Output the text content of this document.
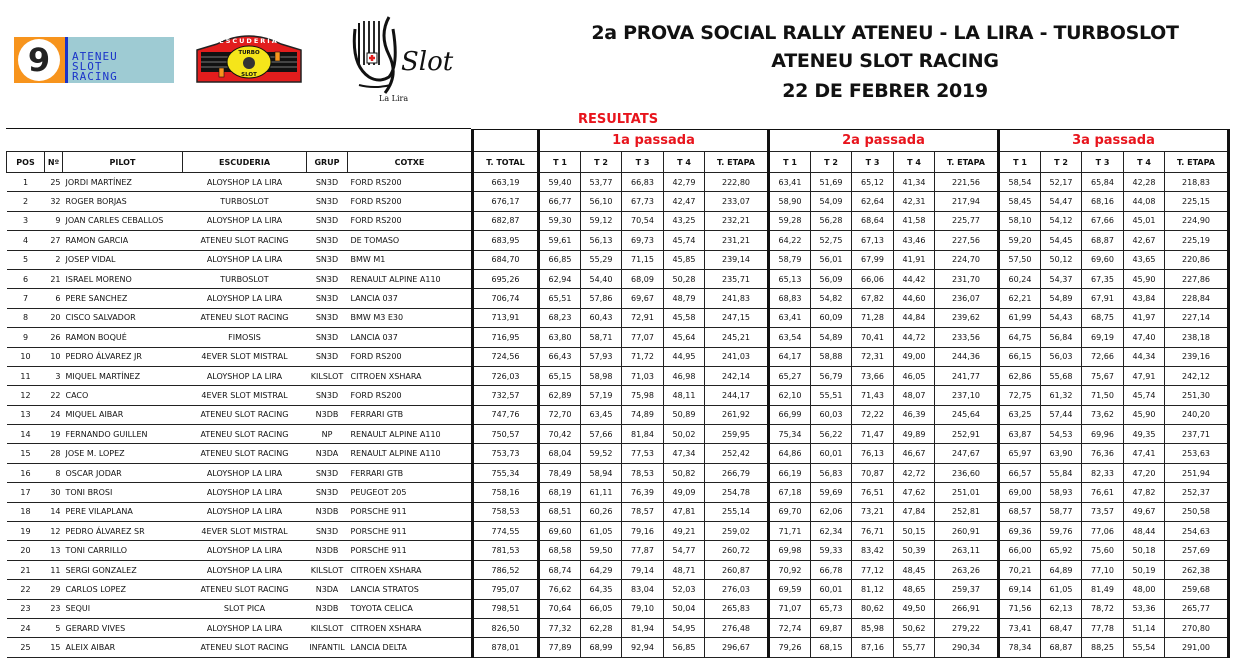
9	ATENEU
SLOT
RACING
ESCUDERIA
TURBO
SLOT	Slot
La Lira
2a PROVA SOCIAL RALLY ATENEU - LA LIRA - TURBOSLOT
ATENEU SLOT RACING
22 DE FEBRER 2019
RESULTATS
							1a passada					2a passada					3a passada				
POS	Nº	PILOT	ESCUDERIA	GRUP	COTXE	T. TOTAL	T 1	T 2	T 3	T 4	T. ETAPA	T 1	T 2	T 3	T 4	T. ETAPA	T 1	T 2	T 3	T 4	T. ETAPA
1	25	JORDI MARTÍNEZ	ALOYSHOP LA LIRA	SN3D	FORD RS200	663,19	59,40	53,77	66,83	42,79	222,80	63,41	51,69	65,12	41,34	221,56	58,54	52,17	65,84	42,28	218,83
2	32	ROGER BORJAS	TURBOSLOT	SN3D	FORD RS200	676,17	66,77	56,10	67,73	42,47	233,07	58,90	54,09	62,64	42,31	217,94	58,45	54,47	68,16	44,08	225,15
3	9	JOAN CARLES CEBALLOS	ALOYSHOP LA LIRA	SN3D	FORD RS200	682,87	59,30	59,12	70,54	43,25	232,21	59,28	56,28	68,64	41,58	225,77	58,10	54,12	67,66	45,01	224,90
4	27	RAMON GARCIA	ATENEU SLOT RACING	SN3D	DE TOMASO	683,95	59,61	56,13	69,73	45,74	231,21	64,22	52,75	67,13	43,46	227,56	59,20	54,45	68,87	42,67	225,19
5	2	JOSEP VIDAL	ALOYSHOP LA LIRA	SN3D	BMW M1	684,70	66,85	55,29	71,15	45,85	239,14	58,79	56,01	67,99	41,91	224,70	57,50	50,12	69,60	43,65	220,86
6	21	ISRAEL MORENO	TURBOSLOT	SN3D	RENAULT ALPINE A110	695,26	62,94	54,40	68,09	50,28	235,71	65,13	56,09	66,06	44,42	231,70	60,24	54,37	67,35	45,90	227,86
7	6	PERE SANCHEZ	ALOYSHOP LA LIRA	SN3D	LANCIA 037	706,74	65,51	57,86	69,67	48,79	241,83	68,83	54,82	67,82	44,60	236,07	62,21	54,89	67,91	43,84	228,84
8	20	CISCO SALVADOR	ATENEU SLOT RACING	SN3D	BMW M3 E30	713,91	68,23	60,43	72,91	45,58	247,15	63,41	60,09	71,28	44,84	239,62	61,99	54,43	68,75	41,97	227,14
9	26	RAMON BOQUÉ	FIMOSIS	SN3D	LANCIA 037	716,95	63,80	58,71	77,07	45,64	245,21	63,54	54,89	70,41	44,72	233,56	64,75	56,84	69,19	47,40	238,18
10	10	PEDRO ÁLVAREZ JR	4EVER SLOT MISTRAL	SN3D	FORD RS200	724,56	66,43	57,93	71,72	44,95	241,03	64,17	58,88	72,31	49,00	244,36	66,15	56,03	72,66	44,34	239,16
11	3	MIQUEL MARTÍNEZ	ALOYSHOP LA LIRA	KILSLOT	CITROEN XSHARA	726,03	65,15	58,98	71,03	46,98	242,14	65,27	56,79	73,66	46,05	241,77	62,86	55,68	75,67	47,91	242,12
12	22	CACO	4EVER SLOT MISTRAL	SN3D	FORD RS200	732,57	62,89	57,19	75,98	48,11	244,17	62,10	55,51	71,43	48,07	237,10	72,75	61,32	71,50	45,74	251,30
13	24	MIQUEL AIBAR	ATENEU SLOT RACING	N3DB	FERRARI GTB	747,76	72,70	63,45	74,89	50,89	261,92	66,99	60,03	72,22	46,39	245,64	63,25	57,44	73,62	45,90	240,20
14	19	FERNANDO GUILLEN	ATENEU SLOT RACING	NP	RENAULT ALPINE A110	750,57	70,42	57,66	81,84	50,02	259,95	75,34	56,22	71,47	49,89	252,91	63,87	54,53	69,96	49,35	237,71
15	28	JOSE M. LOPEZ	ATENEU SLOT RACING	N3DA	RENAULT ALPINE A110	753,73	68,04	59,52	77,53	47,34	252,42	64,86	60,01	76,13	46,67	247,67	65,97	63,90	76,36	47,41	253,63
16	8	OSCAR JODAR	ALOYSHOP LA LIRA	SN3D	FERRARI GTB	755,34	78,49	58,94	78,53	50,82	266,79	66,19	56,83	70,87	42,72	236,60	66,57	55,84	82,33	47,20	251,94
17	30	TONI BROSI	ALOYSHOP LA LIRA	SN3D	PEUGEOT 205	758,16	68,19	61,11	76,39	49,09	254,78	67,18	59,69	76,51	47,62	251,01	69,00	58,93	76,61	47,82	252,37
18	14	PERE VILAPLANA	ALOYSHOP LA LIRA	N3DB	PORSCHE 911	758,53	68,51	60,26	78,57	47,81	255,14	69,70	62,06	73,21	47,84	252,81	68,57	58,77	73,57	49,67	250,58
19	12	PEDRO ÁLVAREZ SR	4EVER SLOT MISTRAL	SN3D	PORSCHE 911	774,55	69,60	61,05	79,16	49,21	259,02	71,71	62,34	76,71	50,15	260,91	69,36	59,76	77,06	48,44	254,63
20	13	TONI CARRILLO	ALOYSHOP LA LIRA	N3DB	PORSCHE 911	781,53	68,58	59,50	77,87	54,77	260,72	69,98	59,33	83,42	50,39	263,11	66,00	65,92	75,60	50,18	257,69
21	11	SERGI GONZALEZ	ALOYSHOP LA LIRA	KILSLOT	CITROEN XSHARA	786,52	68,74	64,29	79,14	48,71	260,87	70,92	66,78	77,12	48,45	263,26	70,21	64,89	77,10	50,19	262,38
22	29	CARLOS LOPEZ	ATENEU SLOT RACING	N3DA	LANCIA STRATOS	795,07	76,62	64,35	83,04	52,03	276,03	69,59	60,01	81,12	48,65	259,37	69,14	61,05	81,49	48,00	259,68
23	23	SEQUI	SLOT PICA	N3DB	TOYOTA CELICA	798,51	70,64	66,05	79,10	50,04	265,83	71,07	65,73	80,62	49,50	266,91	71,56	62,13	78,72	53,36	265,77
24	5	GERARD VIVES	ALOYSHOP LA LIRA	KILSLOT	CITROEN XSHARA	826,50	77,32	62,28	81,94	54,95	276,48	72,74	69,87	85,98	50,62	279,22	73,41	68,47	77,78	51,14	270,80
25	15	ALEIX AIBAR	ATENEU SLOT RACING	INFANTIL	LANCIA DELTA	878,01	77,89	68,99	92,94	56,85	296,67	79,26	68,15	87,16	55,77	290,34	78,34	68,87	88,25	55,54	291,00
